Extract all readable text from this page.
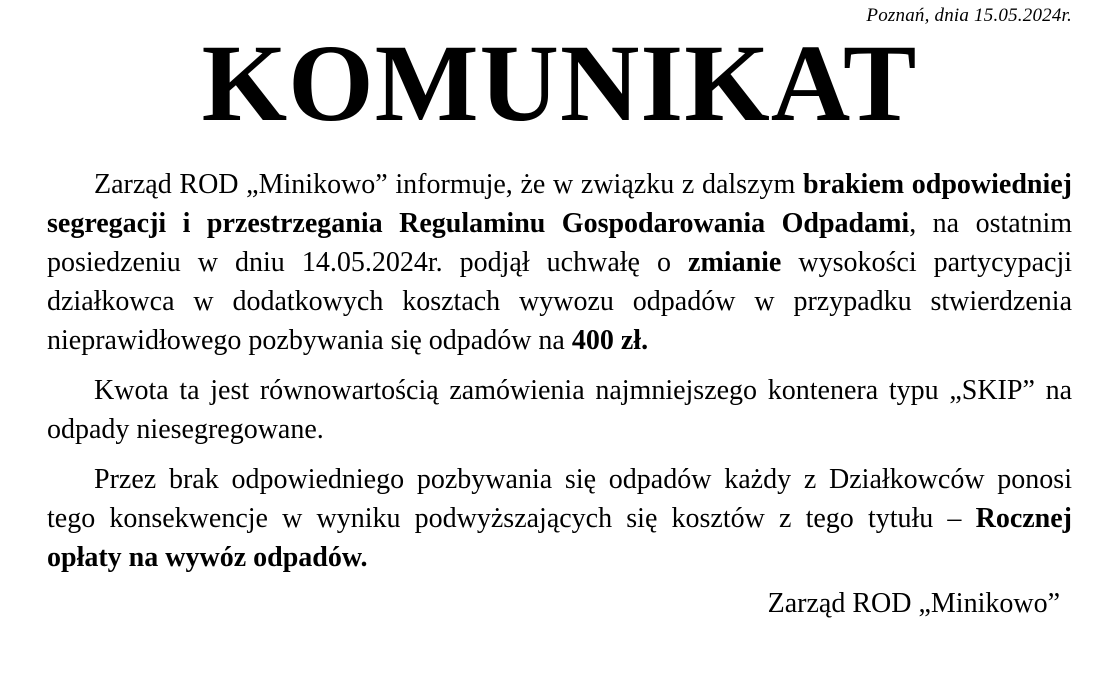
Poznań, dnia 15.05.2024r.
KOMUNIKAT

Zarząd ROD „Minikowo” informuje, że w związku z dalszym brakiem odpowiedniej segregacji i przestrzegania Regulaminu Gospodarowania Odpadami, na ostatnim posiedzeniu w dniu 14.05.2024r. podjął uchwałę o zmianie wysokości partycypacji działkowca w dodatkowych kosztach wywozu odpadów w przypadku stwierdzenia nieprawidłowego pozbywania się odpadów na 400 zł.

Kwota ta jest równowartością zamówienia najmniejszego kontenera typu „SKIP” na odpady niesegregowane.

Przez brak odpowiedniego pozbywania się odpadów każdy z Działkowców ponosi tego konsekwencje w wyniku podwyższających się kosztów z tego tytułu – Rocznej opłaty na wywóz odpadów.

Zarząd ROD „Minikowo”
